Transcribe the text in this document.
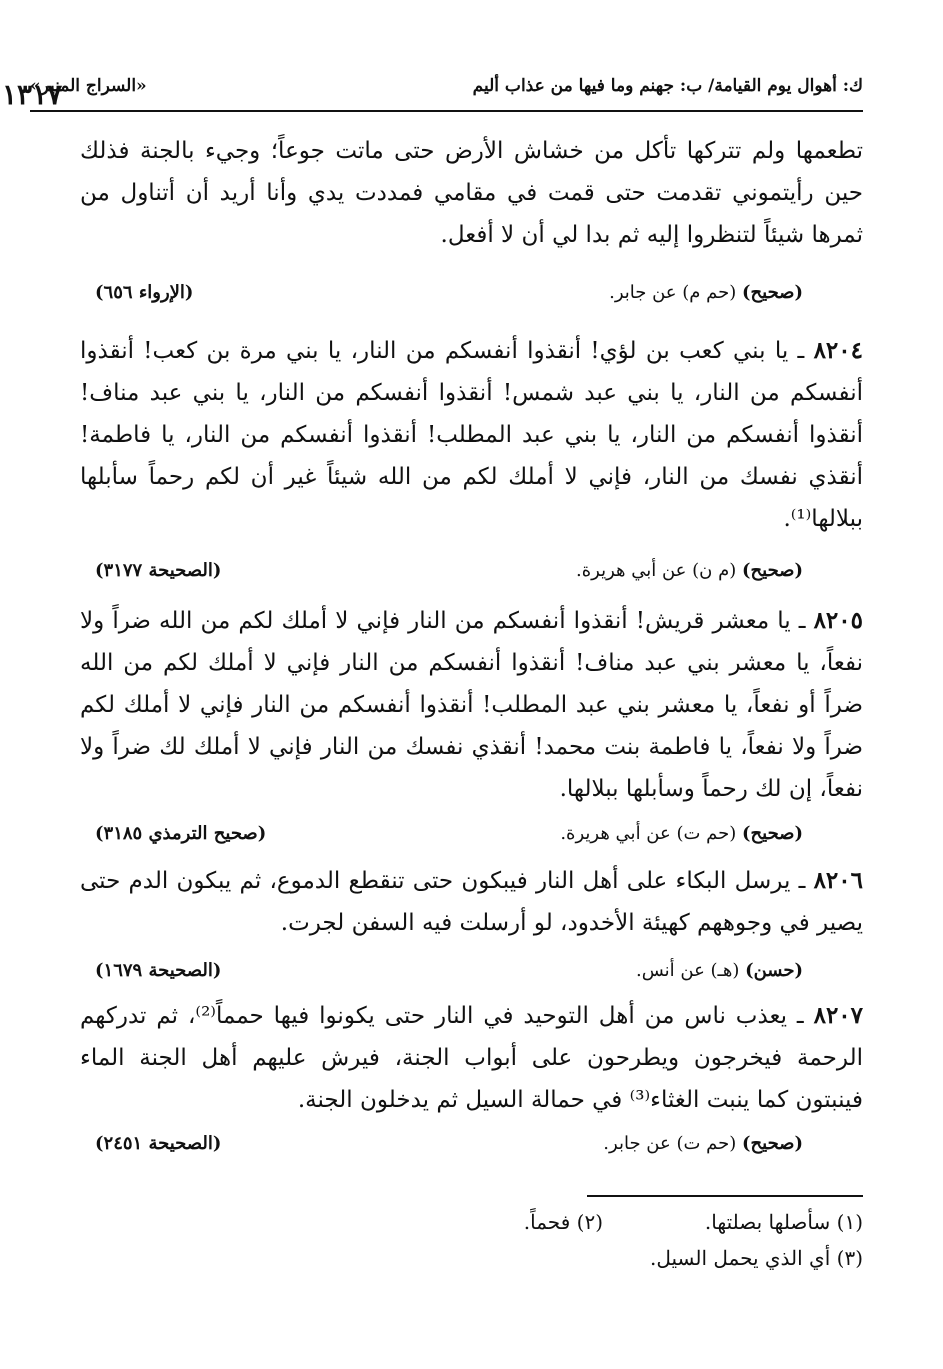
ك: أهوال يوم القيامة/ ب: جهنم وما فيها من عذاب أليم
«السراج المنير»
١٣١٧

تطعمها ولم تتركها تأكل من خشاش الأرض حتى ماتت جوعاً؛ وجيء بالجنة فذلك حين رأيتموني تقدمت حتى قمت في مقامي فمددت يدي وأنا أريد أن أتناول من ثمرها شيئاً لتنظروا إليه ثم بدا لي أن لا أفعل.

(صحيح) (حم م) عن جابر.
(الإرواء ٦٥٦)

٨٢٠٤ ـ يا بني كعب بن لؤي! أنقذوا أنفسكم من النار، يا بني مرة بن كعب! أنقذوا أنفسكم من النار، يا بني عبد شمس! أنقذوا أنفسكم من النار، يا بني عبد مناف! أنقذوا أنفسكم من النار، يا بني عبد المطلب! أنقذوا أنفسكم من النار، يا فاطمة! أنقذي نفسك من النار، فإني لا أملك لكم من الله شيئاً غير أن لكم رحماً سأبلها ببلالها⁽¹⁾.

(صحيح) (م ن) عن أبي هريرة.
(الصحيحة ٣١٧٧)

٨٢٠٥ ـ يا معشر قريش! أنقذوا أنفسكم من النار فإني لا أملك لكم من الله ضراً ولا نفعاً، يا معشر بني عبد مناف! أنقذوا أنفسكم من النار فإني لا أملك لكم من الله ضراً أو نفعاً، يا معشر بني عبد المطلب! أنقذوا أنفسكم من النار فإني لا أملك لكم ضراً ولا نفعاً، يا فاطمة بنت محمد! أنقذي نفسك من النار فإني لا أملك لك ضراً ولا نفعاً، إن لك رحماً وسأبلها ببلالها.

(صحيح) (حم ت) عن أبي هريرة.
(صحيح الترمذي ٣١٨٥)

٨٢٠٦ ـ يرسل البكاء على أهل النار فيبكون حتى تنقطع الدموع، ثم يبكون الدم حتى يصير في وجوههم كهيئة الأخدود، لو أرسلت فيه السفن لجرت.

(حسن) (هـ) عن أنس.
(الصحيحة ١٦٧٩)

٨٢٠٧ ـ يعذب ناس من أهل التوحيد في النار حتى يكونوا فيها حمماً⁽²⁾، ثم تدركهم الرحمة فيخرجون ويطرحون على أبواب الجنة، فيرش عليهم أهل الجنة الماء فينبتون كما ينبت الغثاء⁽³⁾ في حمالة السيل ثم يدخلون الجنة.

(صحيح) (حم ت) عن جابر.
(الصحيحة ٢٤٥١)
(١) سأصلها بصلتها.
(٢) فحماً.
(٣) أي الذي يحمل السيل.
